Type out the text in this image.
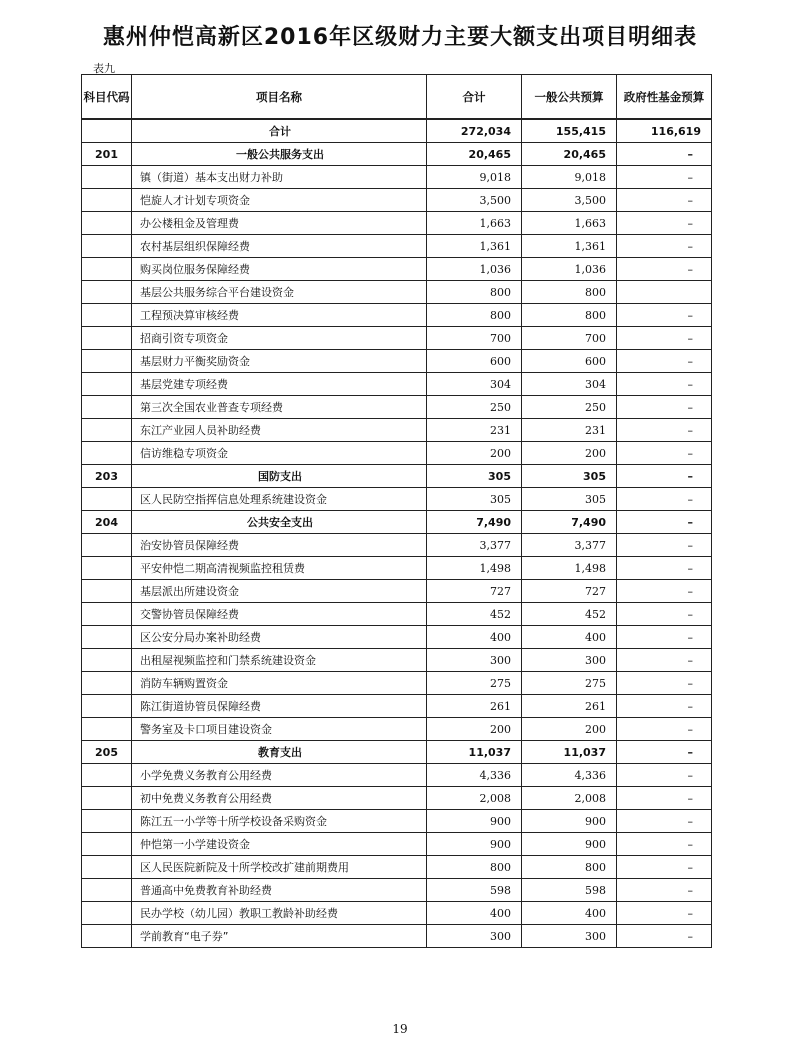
惠州仲恺高新区2016年区级财力主要大额支出项目明细表
表九
科目代码	项目名称	合计	一般公共预算	政府性基金预算
	合计	272,034	155,415	116,619
201	一般公共服务支出	20,465	20,465	–
	镇（街道）基本支出财力补助	9,018	9,018	–
	恺旋人才计划专项资金	3,500	3,500	–
	办公楼租金及管理费	1,663	1,663	–
	农村基层组织保障经费	1,361	1,361	–
	购买岗位服务保障经费	1,036	1,036	–
	基层公共服务综合平台建设资金	800	800	
	工程预决算审核经费	800	800	–
	招商引资专项资金	700	700	–
	基层财力平衡奖励资金	600	600	–
	基层党建专项经费	304	304	–
	第三次全国农业普查专项经费	250	250	–
	东江产业园人员补助经费	231	231	–
	信访维稳专项资金	200	200	–
203	国防支出	305	305	–
	区人民防空指挥信息处理系统建设资金	305	305	–
204	公共安全支出	7,490	7,490	–
	治安协管员保障经费	3,377	3,377	–
	平安仲恺二期高清视频监控租赁费	1,498	1,498	–
	基层派出所建设资金	727	727	–
	交警协管员保障经费	452	452	–
	区公安分局办案补助经费	400	400	–
	出租屋视频监控和门禁系统建设资金	300	300	–
	消防车辆购置资金	275	275	–
	陈江街道协管员保障经费	261	261	–
	警务室及卡口项目建设资金	200	200	–
205	教育支出	11,037	11,037	–
	小学免费义务教育公用经费	4,336	4,336	–
	初中免费义务教育公用经费	2,008	2,008	–
	陈江五一小学等十所学校设备采购资金	900	900	–
	仲恺第一小学建设资金	900	900	–
	区人民医院新院及十所学校改扩建前期费用	800	800	–
	普通高中免费教育补助经费	598	598	–
	民办学校（幼儿园）教职工教龄补助经费	400	400	–
	学前教育“电子券”	300	300	–
19
